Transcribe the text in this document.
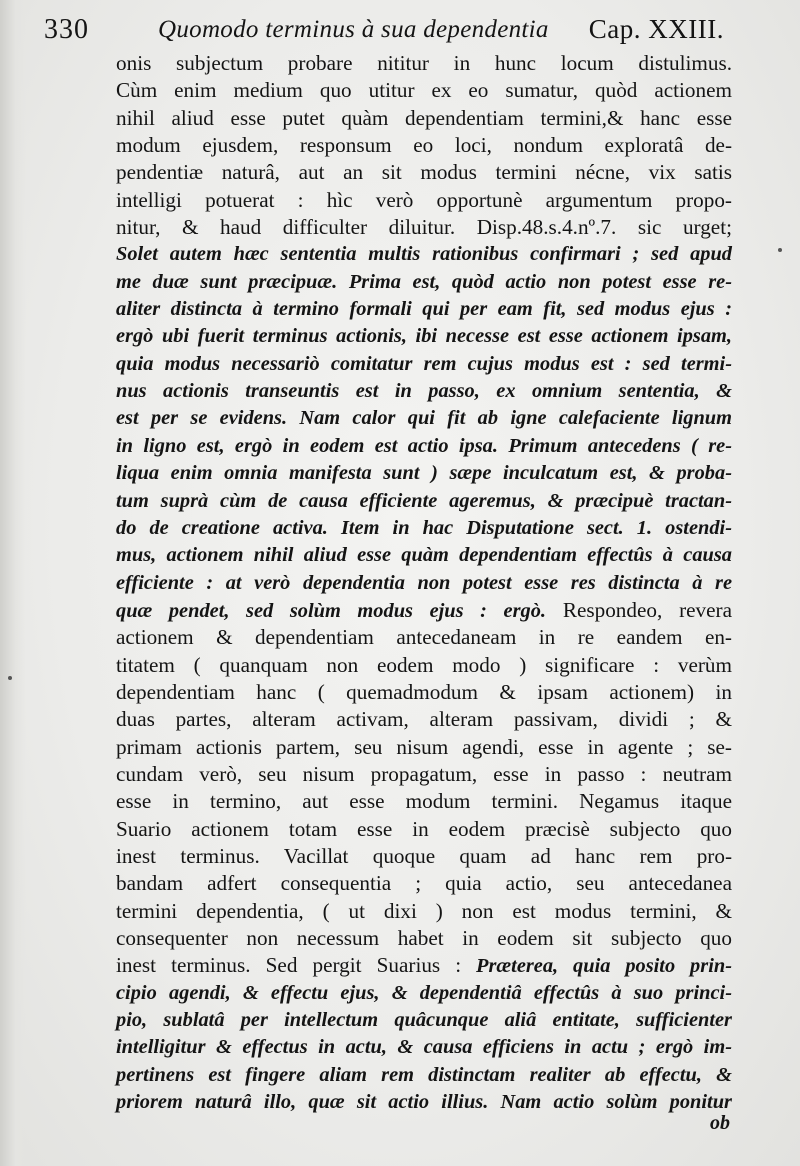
330	Quomodo terminus à sua dependentia Cap. XXIII.
onis subjectum probare nititur in hunc locum distulimus.
Cùm enim medium quo utitur ex eo sumatur, quòd actionem
nihil aliud esse putet quàm dependentiam termini,& hanc esse
modum ejusdem, responsum eo loci, nondum exploratâ de-
pendentiæ naturâ, aut an sit modus termini nécne, vix satis
intelligi potuerat : hìc verò opportunè argumentum propo-
nitur, & haud difficulter diluitur. Disp.48.s.4.nº.7. sic urget;
Solet autem hæc sententia multis rationibus confirmari ; sed apud
me duæ sunt præcipuæ. Prima est, quòd actio non potest esse re-
aliter distincta à termino formali qui per eam fit, sed modus ejus :
ergò ubi fuerit terminus actionis, ibi necesse est esse actionem ipsam,
quia modus necessariò comitatur rem cujus modus est : sed termi-
nus actionis transeuntis est in passo, ex omnium sententia, &
est per se evidens. Nam calor qui fit ab igne calefaciente lignum
in ligno est, ergò in eodem est actio ipsa. Primum antecedens ( re-
liqua enim omnia manifesta sunt ) sæpe inculcatum est, & proba-
tum suprà cùm de causa efficiente ageremus, & præcipuè tractan-
do de creatione activa. Item in hac Disputatione sect. 1. ostendi-
mus, actionem nihil aliud esse quàm dependentiam effectûs à causa
efficiente : at verò dependentia non potest esse res distincta à re
quæ pendet, sed solùm modus ejus : ergò. Respondeo, revera
actionem & dependentiam antecedaneam in re eandem en-
titatem ( quanquam non eodem modo ) significare : verùm
dependentiam hanc ( quemadmodum & ipsam actionem) in
duas partes, alteram activam, alteram passivam, dividi ; &
primam actionis partem, seu nisum agendi, esse in agente ; se-
cundam verò, seu nisum propagatum, esse in passo : neutram
esse in termino, aut esse modum termini. Negamus itaque
Suario actionem totam esse in eodem præcisè subjecto quo
inest terminus. Vacillat quoque quam ad hanc rem pro-
bandam adfert consequentia ; quia actio, seu antecedanea
termini dependentia, ( ut dixi ) non est modus termini, &
consequenter non necessum habet in eodem sit subjecto quo
inest terminus. Sed pergit Suarius : Præterea, quia posito prin-
cipio agendi, & effectu ejus, & dependentiâ effectûs à suo princi-
pio, sublatâ per intellectum quâcunque aliâ entitate, sufficienter
intelligitur & effectus in actu, & causa efficiens in actu ; ergò im-
pertinens est fingere aliam rem distinctam realiter ab effectu, &
priorem naturâ illo, quæ sit actio illius. Nam actio solùm ponitur
ob
